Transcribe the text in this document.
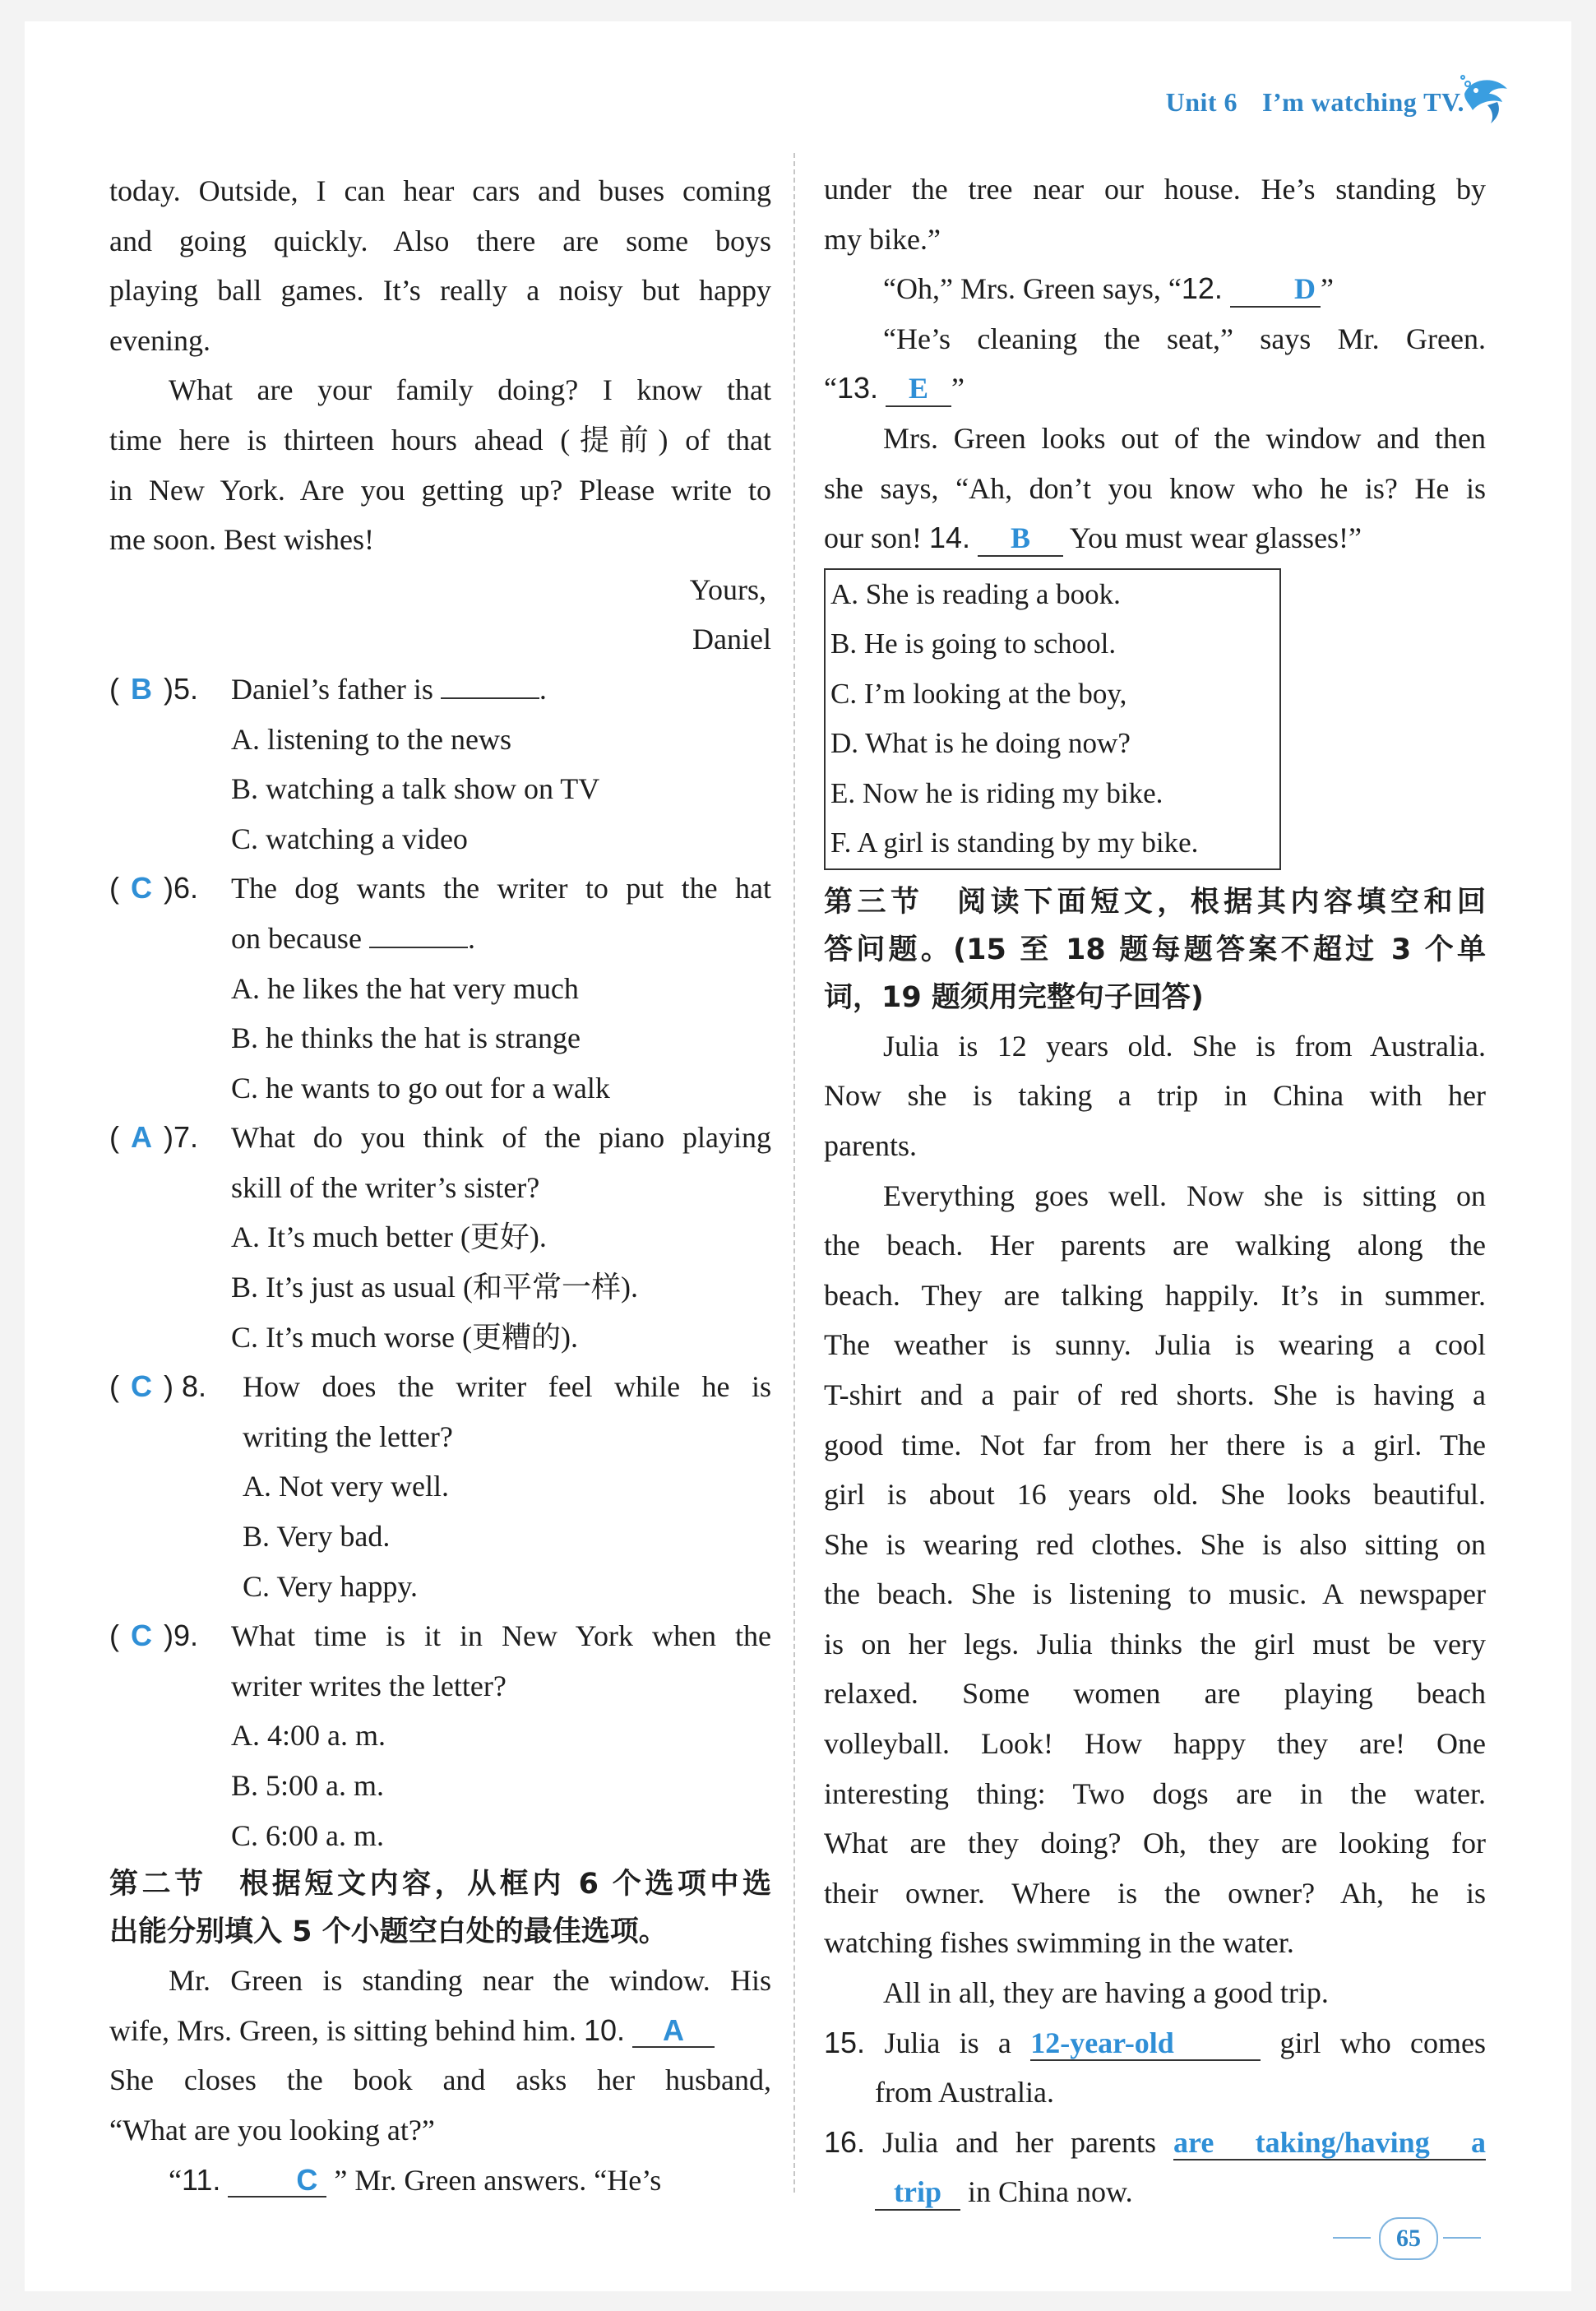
Unit 6 I’m watching TV.

today. Outside, I can hear cars and buses coming

and going quickly. Also there are some boys

playing ball games. It’s really a noisy but happy

evening.

What are your family doing? I know that

time here is thirteen hours ahead (提前) of that

in New York. Are you getting up? Please write to

me soon. Best wishes!

Yours,

Daniel

( B )5.	Daniel’s father is	.

A. listening to the news

B. watching a talk show on TV

C. watching a video

( C )6.	The dog wants the writer to put the hat

on because	.

A. he likes the hat very much

B. he thinks the hat is strange

C. he wants to go out for a walk

( A )7.	What do you think of the piano playing

skill of the writer’s sister?

A. It’s much better (更好).

B. It’s just as usual (和平常一样).

C. It’s much worse (更糟的).

( C ) 8.	How does the writer feel while he is

writing the letter?

A. Not very well.

B. Very bad.

C. Very happy.

( C )9.	What time is it in New York when the

writer writes the letter?

A. 4:00 a. m.

B. 5:00 a. m.

C. 6:00 a. m.

第二节　根据短文内容，从框内 6 个选项中选

出能分别填入 5 个小题空白处的最佳选项。

Mr. Green is standing near the window. His

wife, Mrs. Green, is sitting behind him. 10. A

She closes the book and asks her husband,

“What are you looking at?”

“11.	C ” Mr. Green answers. “He’s

under the tree near our house. He’s standing by

my bike.”

“Oh,” Mrs. Green says, “12. D ”

“He’s cleaning the seat,” says Mr. Green.

“13. E ”

Mrs. Green looks out of the window and then

she says, “Ah, don’t you know who he is? He is

our son! 14. B You must wear glasses!”

A. She is reading a book.
B. He is going to school.
C. I’m looking at the boy,
D. What is he doing now?
E. Now he is riding my bike.
F. A girl is standing by my bike.

第三节　阅读下面短文，根据其内容填空和回

答问题。(15 至 18 题每题答案不超过 3 个单

词，19 题须用完整句子回答)

Julia is 12 years old. She is from Australia.

Now she is taking a trip in China with her

parents.

Everything goes well. Now she is sitting on

the beach. Her parents are walking along the

beach. They are talking happily. It’s in summer.

The weather is sunny. Julia is wearing a cool

T-shirt and a pair of red shorts. She is having a

good time. Not far from her there is a girl. The

girl is about 16 years old. She looks beautiful.

She is wearing red clothes. She is also sitting on

the beach. She is listening to music. A newspaper

is on her legs. Julia thinks the girl must be very

relaxed. Some women are playing beach

volleyball. Look! How happy they are! One

interesting thing: Two dogs are in the water.

What are they doing? Oh, they are looking for

their owner. Where is the owner? Ah, he is

watching fishes swimming in the water.

All in all, they are having a good trip.

15. Julia is a 12-year-old	girl who comes

from Australia.

16. Julia and her parents are taking/having a

trip in China now.

65
